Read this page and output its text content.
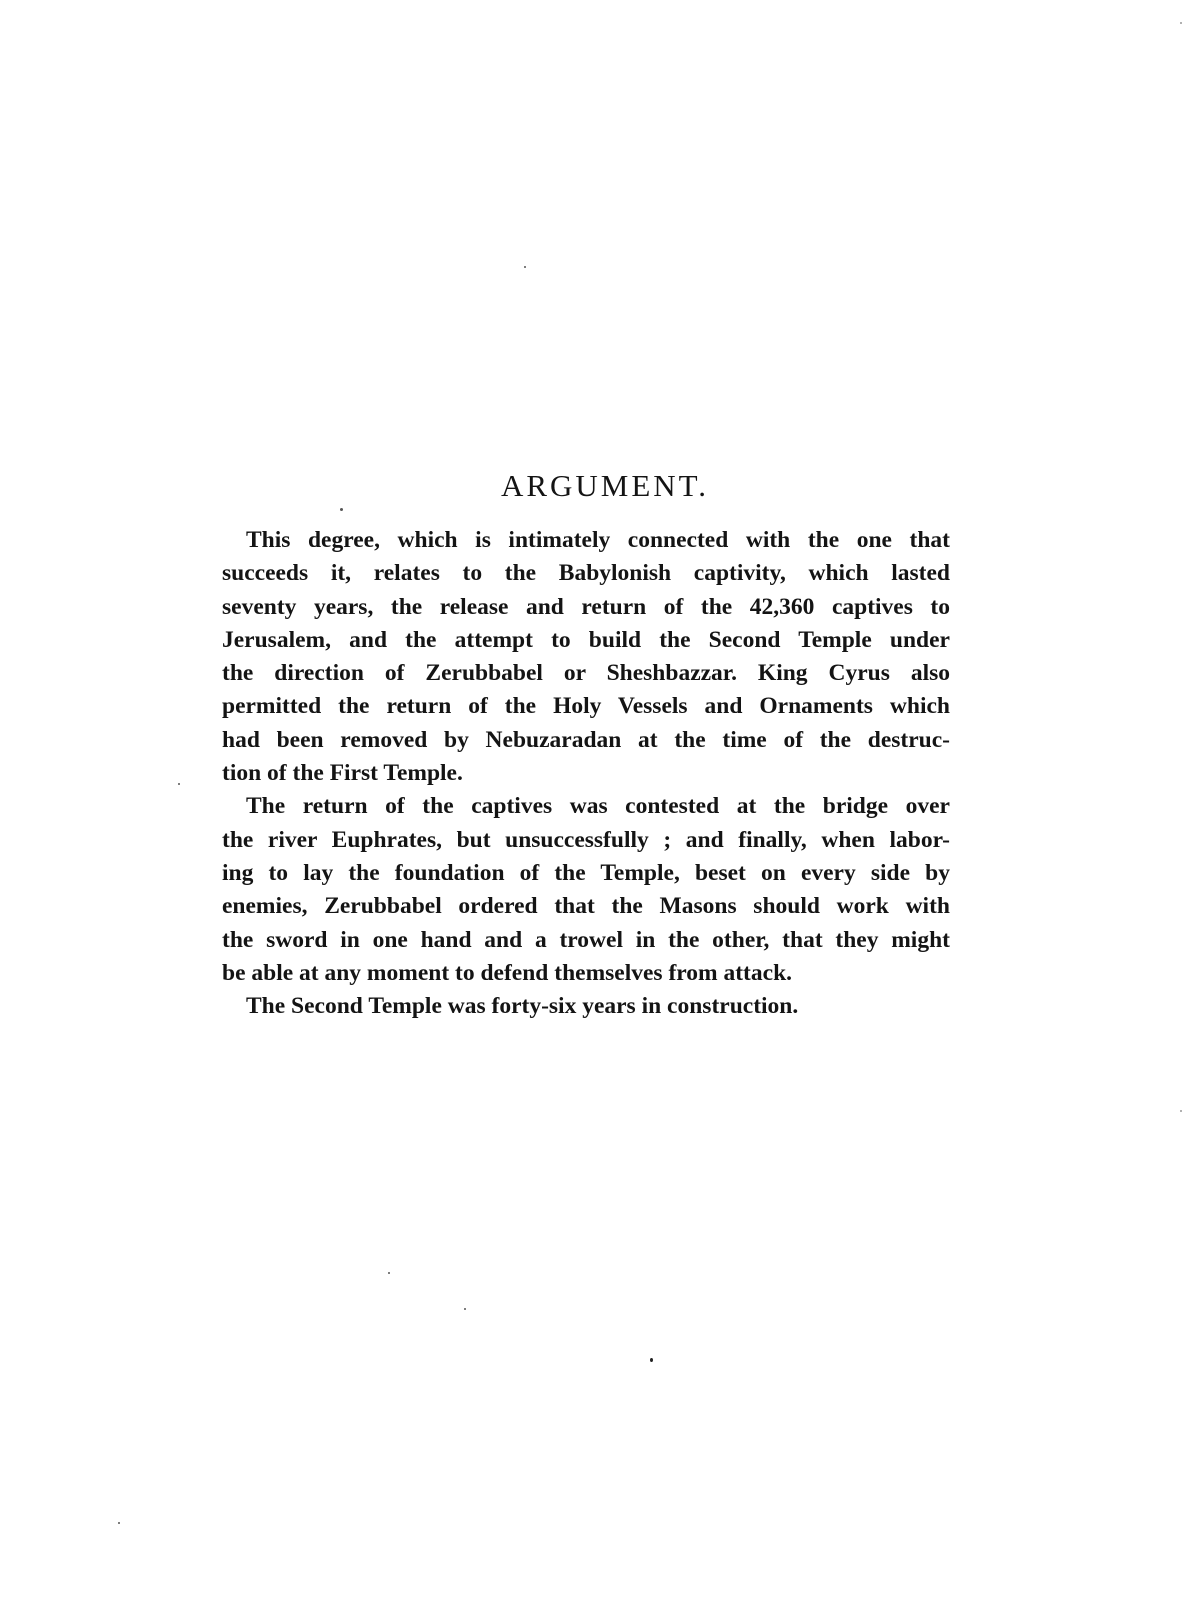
ARGUMENT.

This degree, which is intimately connected with the one that
succeeds it, relates to the Babylonish captivity, which lasted
seventy years, the release and return of the 42,360 captives to
Jerusalem, and the attempt to build the Second Temple under
the direction of Zerubbabel or Sheshbazzar. King Cyrus also
permitted the return of the Holy Vessels and Ornaments which
had been removed by Nebuzaradan at the time of the destruc-
tion of the First Temple.

The return of the captives was contested at the bridge over
the river Euphrates, but unsuccessfully ; and finally, when labor-
ing to lay the foundation of the Temple, beset on every side by
enemies, Zerubbabel ordered that the Masons should work with
the sword in one hand and a trowel in the other, that they might
be able at any moment to defend themselves from attack.

The Second Temple was forty-six years in construction.
